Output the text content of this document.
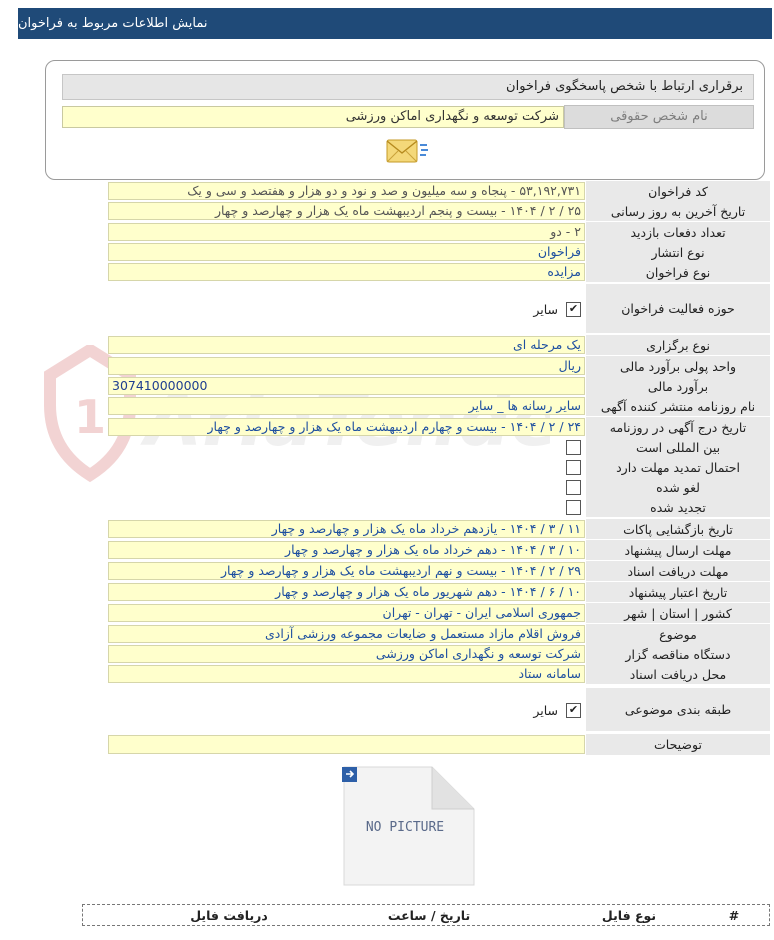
1
نمایش اطلاعات مربوط به فراخوان
برقراری ارتباط با شخص پاسخگوی فراخوان
نام شخص حقوقی
شرکت توسعه و نگهداری اماکن ورزشی
کد فراخوان
۵۳,۱۹۲,۷۳۱ - پنجاه و سه میلیون و صد و نود و دو هزار و هفتصد و سی و یک
تاریخ آخرین به روز رسانی
۲۵ / ۲ / ۱۴۰۴ - بیست و پنجم اردیبهشت ماه یک هزار و چهارصد و چهار
تعداد دفعات بازدید
۲ - دو
نوع انتشار
فراخوان
نوع فراخوان
مزایده
حوزه فعالیت فراخوان
✔
سایر
نوع برگزاری
یک مرحله ای
واحد پولی برآورد مالی
ریال
برآورد مالی
307410000000
نام روزنامه منتشر کننده آگهی
سایر رسانه ها _ سایر
تاریخ درج آگهی در روزنامه
۲۴ / ۲ / ۱۴۰۴ - بیست و چهارم اردیبهشت ماه یک هزار و چهارصد و چهار
بین المللی است
احتمال تمدید مهلت دارد
لغو شده
تجدید شده
تاریخ بازگشایی پاکات
۱۱ / ۳ / ۱۴۰۴ - یازدهم خرداد ماه یک هزار و چهارصد و چهار
مهلت ارسال پیشنهاد
۱۰ / ۳ / ۱۴۰۴ - دهم خرداد ماه یک هزار و چهارصد و چهار
مهلت دریافت اسناد
۲۹ / ۲ / ۱۴۰۴ - بیست و نهم اردیبهشت ماه یک هزار و چهارصد و چهار
تاریخ اعتبار پیشنهاد
۱۰ / ۶ / ۱۴۰۴ - دهم شهریور ماه یک هزار و چهارصد و چهار
کشور | استان | شهر
جمهوری اسلامی ایران - تهران - تهران
موضوع
فروش اقلام مازاد مستعمل و ضایعات مجموعه ورزشی آزادی
دستگاه مناقصه گزار
شرکت توسعه و نگهداری اماکن ورزشی
محل دریافت اسناد
سامانه ستاد
طبقه بندی موضوعی
✔
سایر
توضیحات
NO PICTURE
#
نوع فایل
تاریخ / ساعت
دریافت فایل
